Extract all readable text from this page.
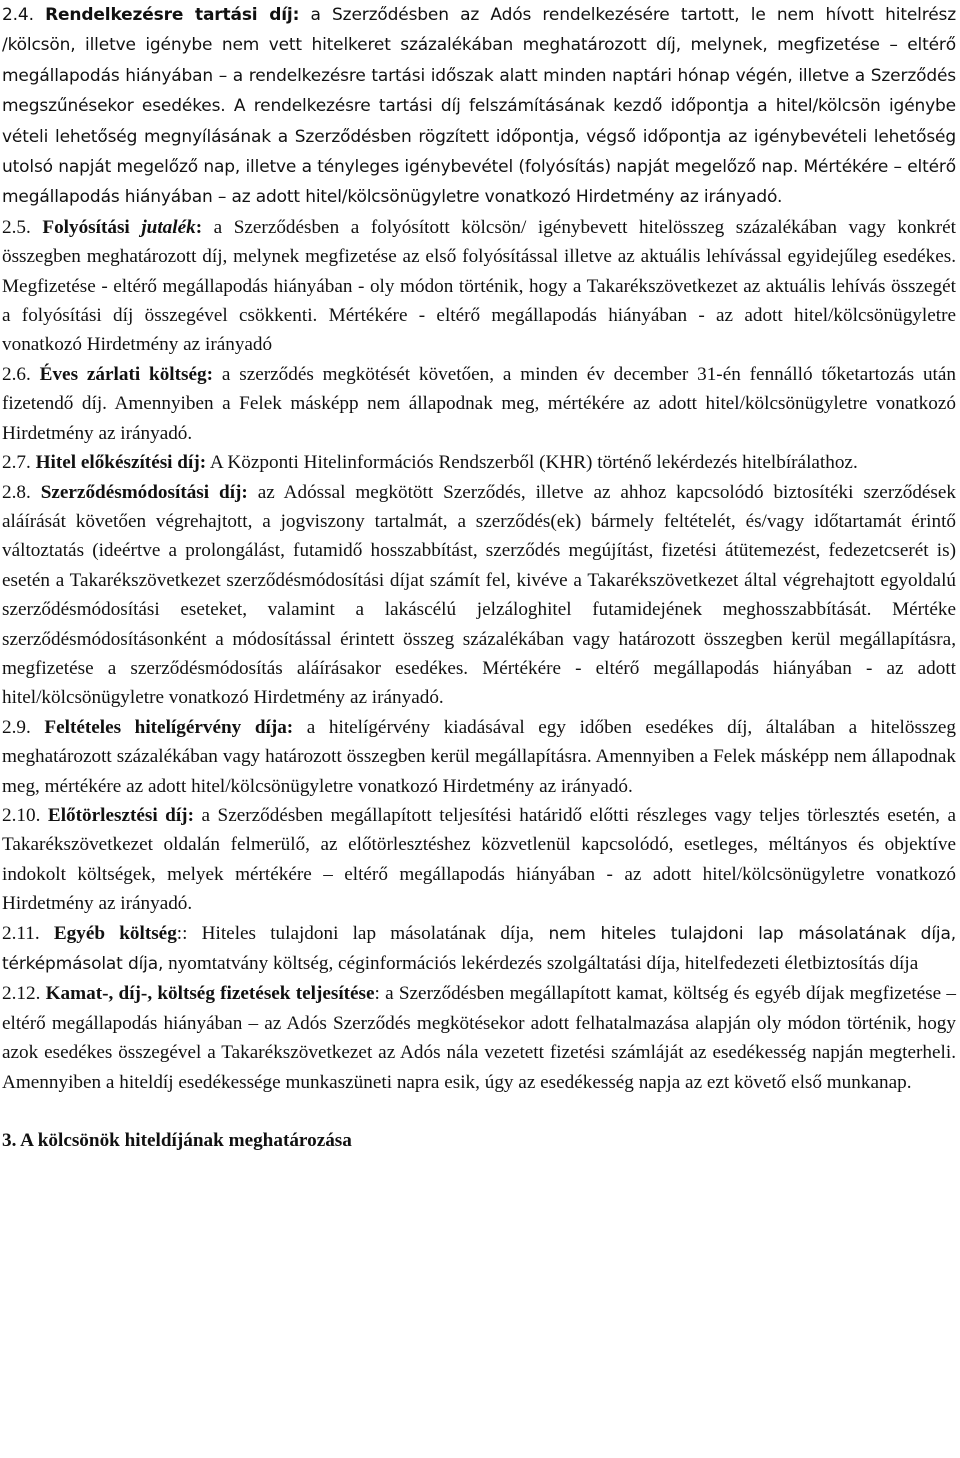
2.4. Rendelkezésre tartási díj: a Szerződésben az Adós rendelkezésére tartott, le nem hívott hitelrész /kölcsön, illetve igénybe nem vett hitelkeret százalékában meghatározott díj, melynek, megfizetése – eltérő megállapodás hiányában – a rendelkezésre tartási időszak alatt minden naptári hónap végén, illetve a Szerződés megszűnésekor esedékes. A rendelkezésre tartási díj felszámításának kezdő időpontja a hitel/kölcsön igénybe vételi lehetőség megnyílásának a Szerződésben rögzített időpontja, végső időpontja az igénybevételi lehetőség utolsó napját megelőző nap, illetve a tényleges igénybevétel (folyósítás) napját megelőző nap. Mértékére – eltérő megállapodás hiányában – az adott hitel/kölcsönügyletre vonatkozó Hirdetmény az irányadó.

2.5. Folyósítási jutalék: a Szerződésben a folyósított kölcsön/ igénybevett hitelösszeg százalékában vagy konkrét összegben meghatározott díj, melynek megfizetése az első folyósítással illetve az aktuális lehívással egyidejűleg esedékes. Megfizetése - eltérő megállapodás hiányában - oly módon történik, hogy a Takarékszövetkezet az aktuális lehívás összegét a folyósítási díj összegével csökkenti. Mértékére - eltérő megállapodás hiányában - az adott hitel/kölcsönügyletre vonatkozó Hirdetmény az irányadó

2.6. Éves zárlati költség: a szerződés megkötését követően, a minden év december 31-én fennálló tőketartozás után fizetendő díj. Amennyiben a Felek másképp nem állapodnak meg, mértékére az adott hitel/kölcsönügyletre vonatkozó Hirdetmény az irányadó.

2.7. Hitel előkészítési díj: A Központi Hitelinformációs Rendszerből (KHR) történő lekérdezés hitelbírálathoz.

2.8. Szerződésmódosítási díj: az Adóssal megkötött Szerződés, illetve az ahhoz kapcsolódó biztosítéki szerződések aláírását követően végrehajtott, a jogviszony tartalmát, a szerződés(ek) bármely feltételét, és/vagy időtartamát érintő változtatás (ideértve a prolongálást, futamidő hosszabbítást, szerződés megújítást, fizetési átütemezést, fedezetcserét is) esetén a Takarékszövetkezet szerződésmódosítási díjat számít fel, kivéve a Takarékszövetkezet által végrehajtott egyoldalú szerződésmódosítási eseteket, valamint a lakáscélú jelzáloghitel futamidejének meghosszabbítását. Mértéke szerződésmódosításonként a módosítással érintett összeg százalékában vagy határozott összegben kerül megállapításra, megfizetése a szerződésmódosítás aláírásakor esedékes. Mértékére - eltérő megállapodás hiányában - az adott hitel/kölcsönügyletre vonatkozó Hirdetmény az irányadó.

2.9. Feltételes hitelígérvény díja: a hitelígérvény kiadásával egy időben esedékes díj, általában a hitelösszeg meghatározott százalékában vagy határozott összegben kerül megállapításra. Amennyiben a Felek másképp nem állapodnak meg, mértékére az adott hitel/kölcsönügyletre vonatkozó Hirdetmény az irányadó.

2.10. Előtörlesztési díj: a Szerződésben megállapított teljesítési határidő előtti részleges vagy teljes törlesztés esetén, a Takarékszövetkezet oldalán felmerülő, az előtörlesztéshez közvetlenül kapcsolódó, esetleges, méltányos és objektíve indokolt költségek, melyek mértékére – eltérő megállapodás hiányában - az adott hitel/kölcsönügyletre vonatkozó Hirdetmény az irányadó.

2.11. Egyéb költség:: Hiteles tulajdoni lap másolatának díja, nem hiteles tulajdoni lap másolatának díja, térképmásolat díja, nyomtatvány költség, céginformációs lekérdezés szolgáltatási díja, hitelfedezeti életbiztosítás díja

2.12. Kamat-, díj-, költség fizetések teljesítése: a Szerződésben megállapított kamat, költség és egyéb díjak megfizetése – eltérő megállapodás hiányában – az Adós Szerződés megkötésekor adott felhatalmazása alapján oly módon történik, hogy azok esedékes összegével a Takarékszövetkezet az Adós nála vezetett fizetési számláját az esedékesség napján megterheli. Amennyiben a hiteldíj esedékessége munkaszüneti napra esik, úgy az esedékesség napja az ezt követő első munkanap.

3. A kölcsönök hiteldíjának meghatározása
